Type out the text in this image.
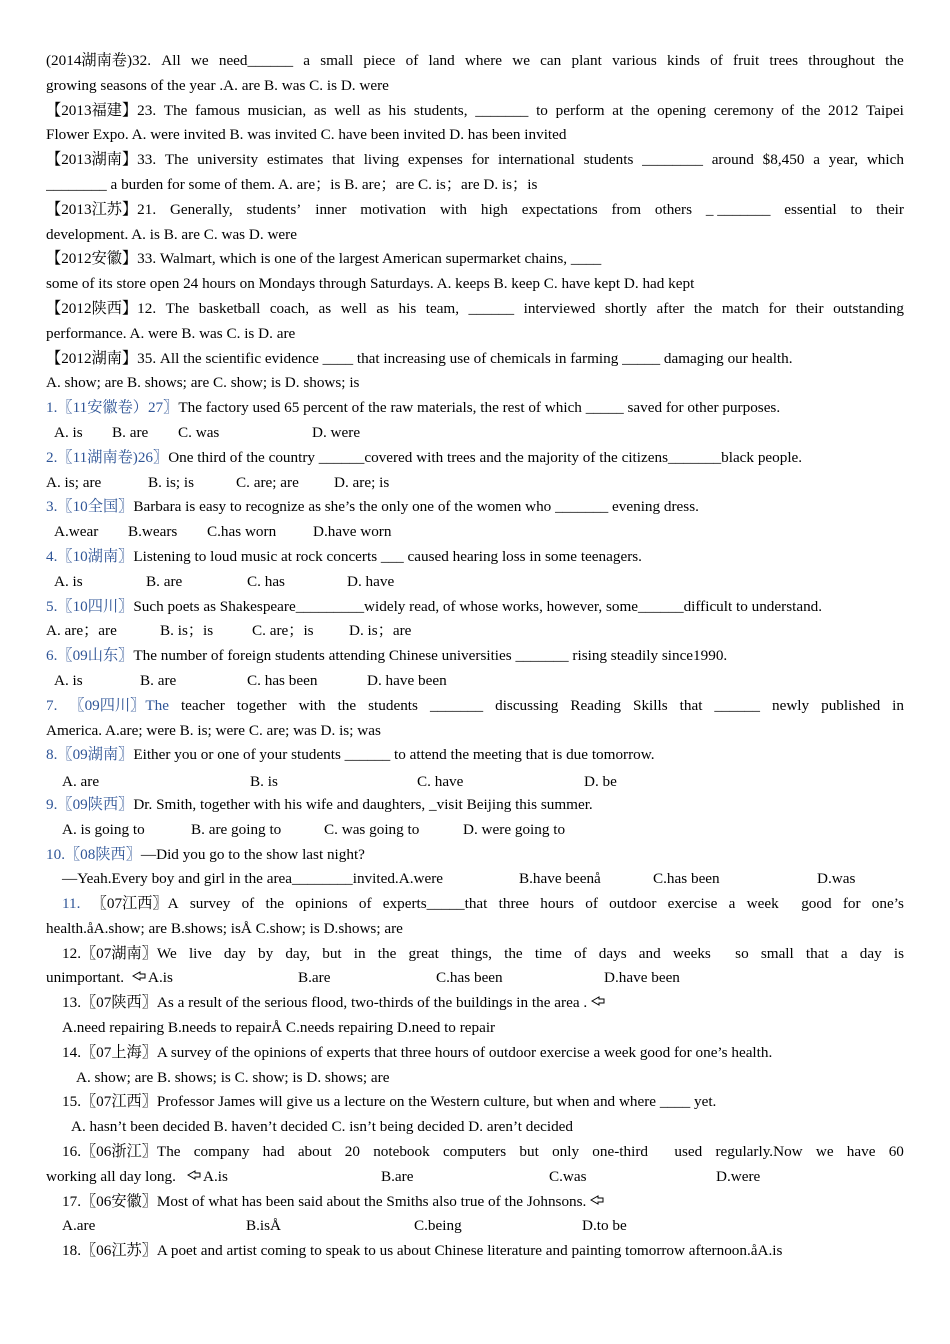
(2014湖南卷)32. All we need______ a small piece of land where we can plant various kinds of fruit trees throughout the
growing seasons of the year .A. are B. was C. is D. were
【2013福建】23. The famous musician, as well as his students, _______ to perform at the opening ceremony of the 2012 Taipei
Flower Expo. A. were invited B. was invited C. have been invited D. has been invited
【2013湖南】33. The university estimates that living expenses for international students ________ around $8,450 a year, which
________ a burden for some of them. A. are；is B. are；are C. is；are D. is；is
【2013江苏】21. Generally, students’ inner motivation with high expectations from others _ _______ essential to their
development. A. is B. are C. was D. were
【2012安徽】33. Walmart, which is one of the largest American supermarket chains, ____
some of its store open 24 hours on Mondays through Saturdays. A. keeps B. keep C. have kept D. had kept
【2012陕西】12. The basketball coach, as well as his team, ______ interviewed shortly after the match for their outstanding
performance. A. were B. was C. is D. are
【2012湖南】35. All the scientific evidence ____ that increasing use of chemicals in farming _____ damaging our health.
A. show; are B. shows; are C. show; is D. shows; is
1.〖11安徽卷）27〗The factory used 65 percent of the raw materials, the rest of which _____ saved for other purposes.
A. is	B. are	C. was	D. were
2.〖11湖南卷)26〗One third of the country ______covered with trees and the majority of the citizens_______black people.
A. is; are	B. is; is	C. are; are	D. are; is
3.〖10全国〗Barbara is easy to recognize as she’s the only one of the women who _______ evening dress.
A.wear	B.wears	C.has worn	D.have worn
4.〖10湖南〗Listening to loud music at rock concerts ___ caused hearing loss in some teenagers.
A. is	B. are	C. has	D. have
5.〖10四川〗Such poets as Shakespeare_________widely read, of whose works, however, some______difficult to understand.
A. are；are	B. is；is	C. are；is	D. is；are
6.〖09山东〗The number of foreign students attending Chinese universities _______ rising steadily since1990.
A. is	B. are	C. has been	D. have been
7. 〖09四川〗The teacher together with the students _______ discussing Reading Skills that ______ newly published in
America. A.are; were B. is; were C. are; was D. is; was
8.〖09湖南〗Either you or one of your students ______ to attend the meeting that is due tomorrow.
A. are	B. is	C. have	D. be
9.〖09陕西〗Dr. Smith, together with his wife and daughters, _visit Beijing this summer.
A. is going to	B. are going to	C. was going to	D. were going to
10.〖08陕西〗—Did you go to the show last night?
—Yeah.Every boy and girl in the area________invited.A.were	B.have beenå	C.has been	D.was
11. 〖07江西〗A survey of the opinions of experts_____that three hours of outdoor exercise a week good for one’s
health.åA.show; are B.shows; isÅ C.show; is D.shows; are
12.〖07湖南〗We live day by day, but in the great things, the time of days and weeks so small that a day is
unimportant.	A.is	B.are	C.has been	D.have been
13.〖07陕西〗As a result of the serious flood, two-thirds of the buildings in the area .
A.need repairing B.needs to repairÅ C.needs repairing D.need to repair
14.〖07上海〗A survey of the opinions of experts that three hours of outdoor exercise a week good for one’s health.
A. show; are B. shows; is C. show; is D. shows; are
15.〖07江西〗Professor James will give us a lecture on the Western culture, but when and where ____ yet.
A. hasn’t been decided B. haven’t decided C. isn’t being decided D. aren’t decided
16.〖06浙江〗The company had about 20 notebook computers but only one-third used regularly.Now we have 60
working all day long.	A.is	B.are	C.was	D.were
17.〖06安徽〗Most of what has been said about the Smiths also true of the Johnsons.
A.are	B.isÅ	C.being	D.to be
18.〖06江苏〗A poet and artist coming to speak to us about Chinese literature and painting tomorrow afternoon.åA.is
